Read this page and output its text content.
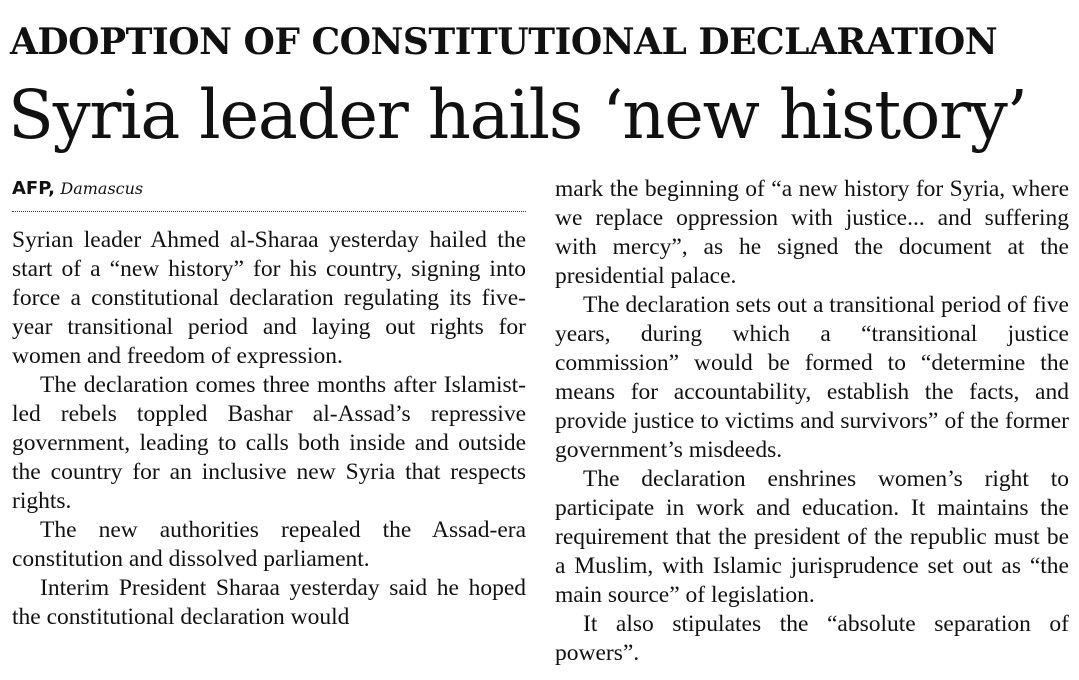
ADOPTION OF CONSTITUTIONAL DECLARATION
Syria leader hails ‘new history’
AFP, Damascus

Syrian leader Ahmed al-Sharaa yesterday hailed the start of a “new history” for his country, signing into force a constitutional declaration regulating its five-year transitional period and laying out rights for women and freedom of expression.

The declaration comes three months after Islamist-led rebels toppled Bashar al-Assad’s repressive government, leading to calls both inside and outside the country for an inclusive new Syria that respects rights.

The new authorities repealed the Assad-era constitution and dissolved parliament.

Interim President Sharaa yesterday said he hoped the constitutional declaration would

mark the beginning of “a new history for Syria, where we replace oppression with justice... and suffering with mercy”, as he signed the document at the presidential palace.

The declaration sets out a transitional period of five years, during which a “transitional justice commission” would be formed to “determine the means for accountability, establish the facts, and provide justice to victims and survivors” of the former government’s misdeeds.

The declaration enshrines women’s right to participate in work and education. It maintains the requirement that the president of the republic must be a Muslim, with Islamic jurisprudence set out as “the main source” of legislation.

It also stipulates the “absolute separation of powers”.
